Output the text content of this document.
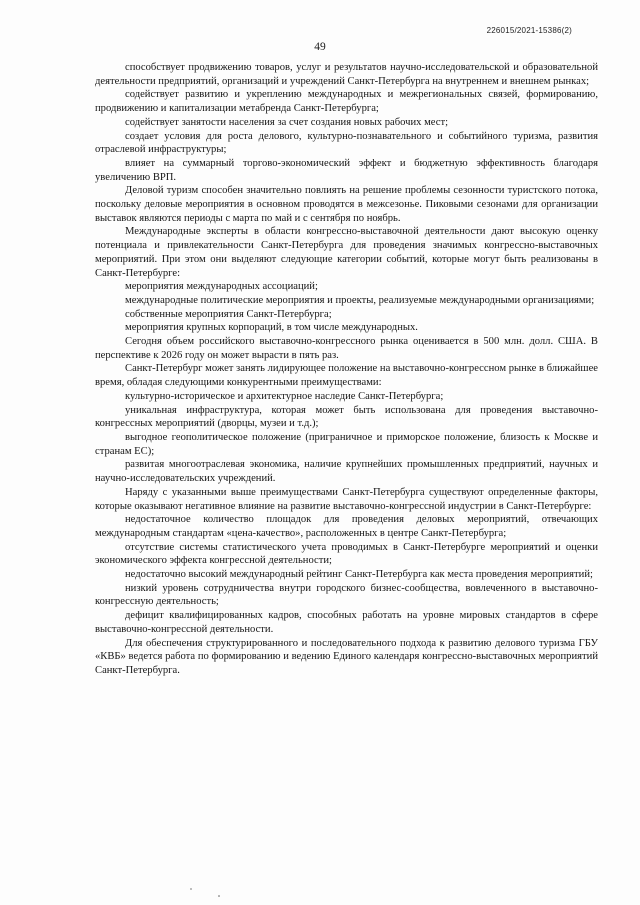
226015/2021-15386(2)
49

способствует продвижению товаров, услуг и результатов научно-исследовательской и образовательной деятельности предприятий, организаций и учреждений Санкт-Петербурга на внутреннем и внешнем рынках;

содействует развитию и укреплению международных и межрегиональных связей, формированию, продвижению и капитализации метабренда Санкт-Петербурга;

содействует занятости населения за счет создания новых рабочих мест;

создает условия для роста делового, культурно-познавательного и событийного туризма, развития отраслевой инфраструктуры;

влияет на суммарный торгово-экономический эффект и бюджетную эффективность благодаря увеличению ВРП.

Деловой туризм способен значительно повлиять на решение проблемы сезонности туристского потока, поскольку деловые мероприятия в основном проводятся в межсезонье. Пиковыми сезонами для организации выставок являются периоды с марта по май и с сентября по ноябрь.

Международные эксперты в области конгрессно-выставочной деятельности дают высокую оценку потенциала и привлекательности Санкт-Петербурга для проведения значимых конгрессно-выставочных мероприятий. При этом они выделяют следующие категории событий, которые могут быть реализованы в Санкт-Петербурге:

мероприятия международных ассоциаций;

международные политические мероприятия и проекты, реализуемые международными организациями;

собственные мероприятия Санкт-Петербурга;

мероприятия крупных корпораций, в том числе международных.

Сегодня объем российского выставочно-конгрессного рынка оценивается в 500 млн. долл. США. В перспективе к 2026 году он может вырасти в пять раз.

Санкт-Петербург может занять лидирующее положение на выставочно-конгрессном рынке в ближайшее время, обладая следующими конкурентными преимуществами:

культурно-историческое и архитектурное наследие Санкт-Петербурга;

уникальная инфраструктура, которая может быть использована для проведения выставочно-конгрессных мероприятий (дворцы, музеи и т.д.);

выгодное геополитическое положение (приграничное и приморское положение, близость к Москве и странам ЕС);

развитая многоотраслевая экономика, наличие крупнейших промышленных предприятий, научных и научно-исследовательских учреждений.

Наряду с указанными выше преимуществами Санкт-Петербурга существуют определенные факторы, которые оказывают негативное влияние на развитие выставочно-конгрессной индустрии в Санкт-Петербурге:

недостаточное количество площадок для проведения деловых мероприятий, отвечающих международным стандартам «цена-качество», расположенных в центре Санкт-Петербурга;

отсутствие системы статистического учета проводимых в Санкт-Петербурге мероприятий и оценки экономического эффекта конгрессной деятельности;

недостаточно высокий международный рейтинг Санкт-Петербурга как места проведения мероприятий;

низкий уровень сотрудничества внутри городского бизнес-сообщества, вовлеченного в выставочно-конгрессную деятельность;

дефицит квалифицированных кадров, способных работать на уровне мировых стандартов в сфере выставочно-конгрессной деятельности.

Для обеспечения структурированного и последовательного подхода к развитию делового туризма ГБУ «КВБ» ведется работа по формированию и ведению Единого календаря конгрессно-выставочных мероприятий Санкт-Петербурга.
